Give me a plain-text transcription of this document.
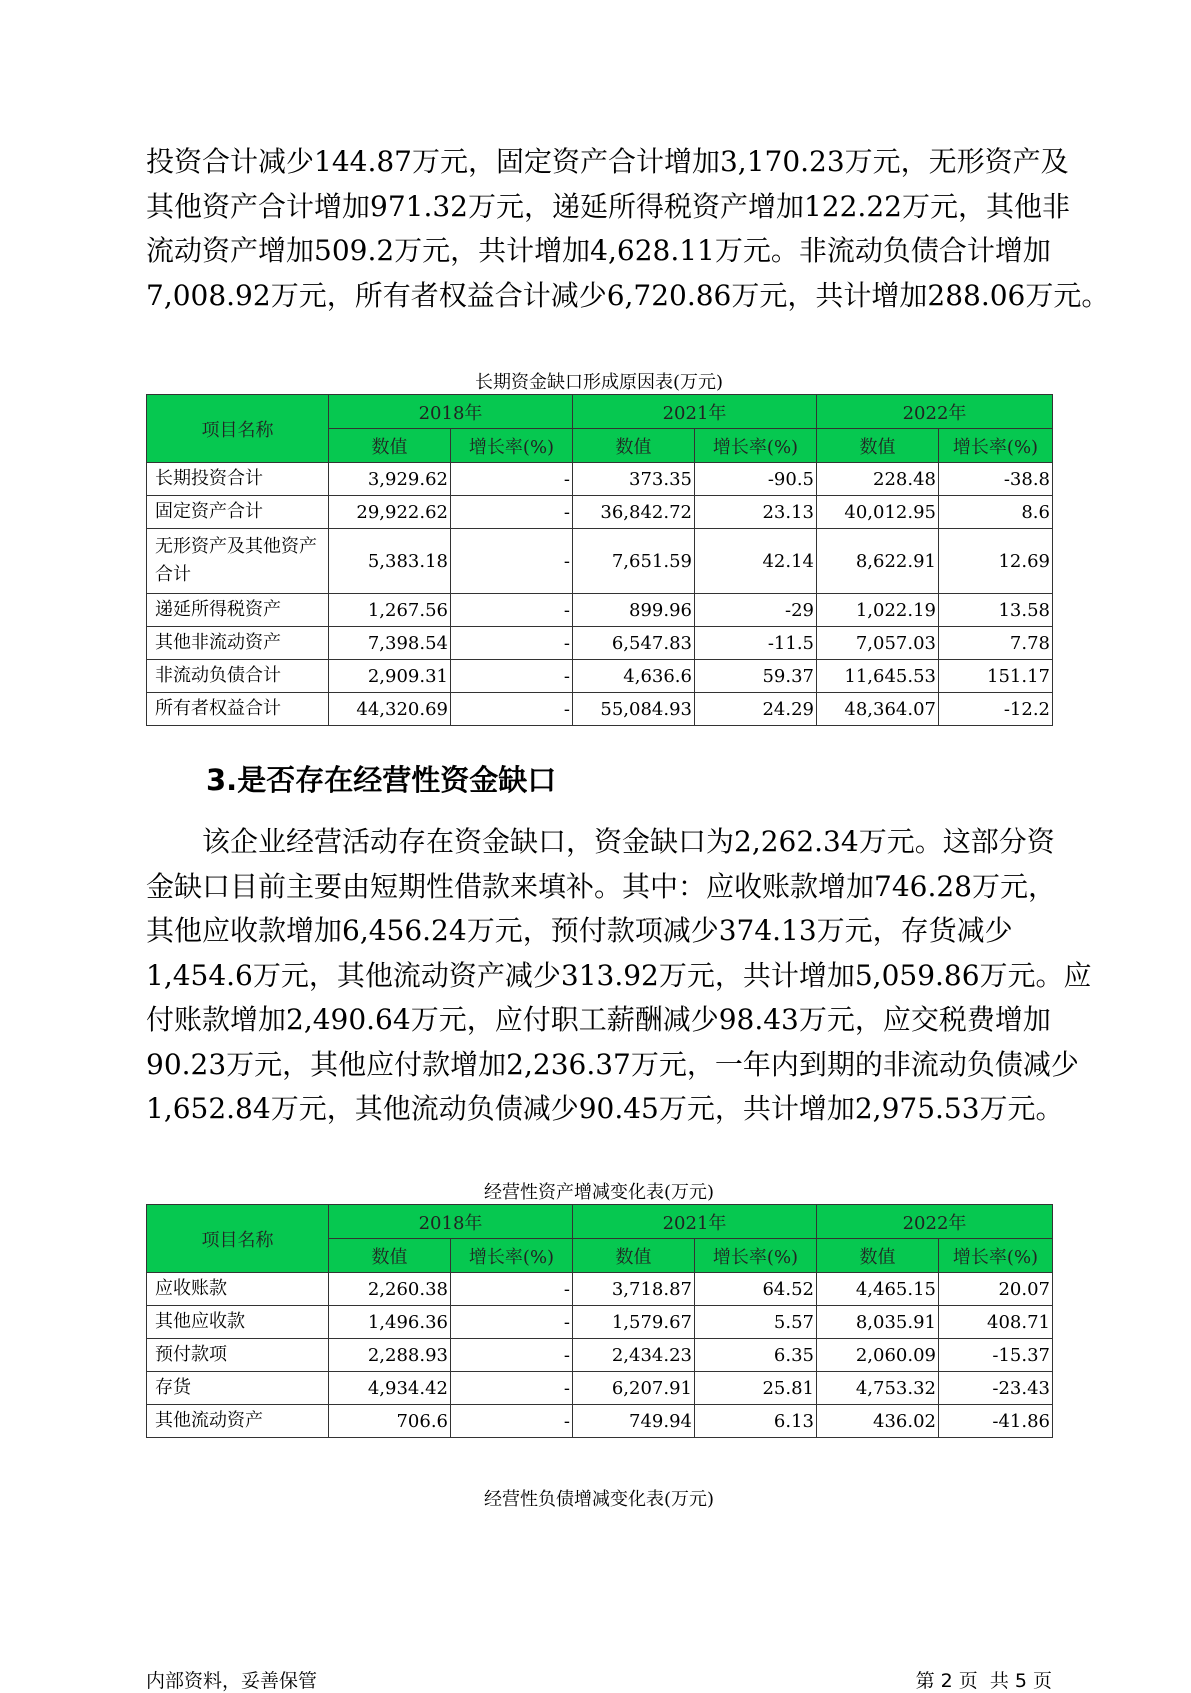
投资合计减少144.87万元，固定资产合计增加3,170.23万元，无形资产及
其他资产合计增加971.32万元，递延所得税资产增加122.22万元，其他非
流动资产增加509.2万元，共计增加4,628.11万元。非流动负债合计增加
7,008.92万元，所有者权益合计减少6,720.86万元，共计增加288.06万元。

长期资金缺口形成原因表(万元)

项目名称	2018年		2021年		2022年	
	数值	增长率(%)	数值	增长率(%)	数值	增长率(%)
长期投资合计	3,929.62	-	373.35	-90.5	228.48	-38.8
固定资产合计	29,922.62	-	36,842.72	23.13	40,012.95	8.6
无形资产及其他资产合计	5,383.18	-	7,651.59	42.14	8,622.91	12.69
递延所得税资产	1,267.56	-	899.96	-29	1,022.19	13.58
其他非流动资产	7,398.54	-	6,547.83	-11.5	7,057.03	7.78
非流动负债合计	2,909.31	-	4,636.6	59.37	11,645.53	151.17
所有者权益合计	44,320.69	-	55,084.93	24.29	48,364.07	-12.2
3.是否存在经营性资金缺口

　　该企业经营活动存在资金缺口，资金缺口为2,262.34万元。这部分资
金缺口目前主要由短期性借款来填补。其中：应收账款增加746.28万元，
其他应收款增加6,456.24万元，预付款项减少374.13万元，存货减少
1,454.6万元，其他流动资产减少313.92万元，共计增加5,059.86万元。应
付账款增加2,490.64万元，应付职工薪酬减少98.43万元，应交税费增加
90.23万元，其他应付款增加2,236.37万元，一年内到期的非流动负债减少
1,652.84万元，其他流动负债减少90.45万元，共计增加2,975.53万元。

经营性资产增减变化表(万元)

项目名称	2018年		2021年		2022年	
	数值	增长率(%)	数值	增长率(%)	数值	增长率(%)
应收账款	2,260.38	-	3,718.87	64.52	4,465.15	20.07
其他应收款	1,496.36	-	1,579.67	5.57	8,035.91	408.71
预付款项	2,288.93	-	2,434.23	6.35	2,060.09	-15.37
存货	4,934.42	-	6,207.91	25.81	4,753.32	-23.43
其他流动资产	706.6	-	749.94	6.13	436.02	-41.86

经营性负债增减变化表(万元)

内部资料，妥善保管	第 2 页  共 5 页
